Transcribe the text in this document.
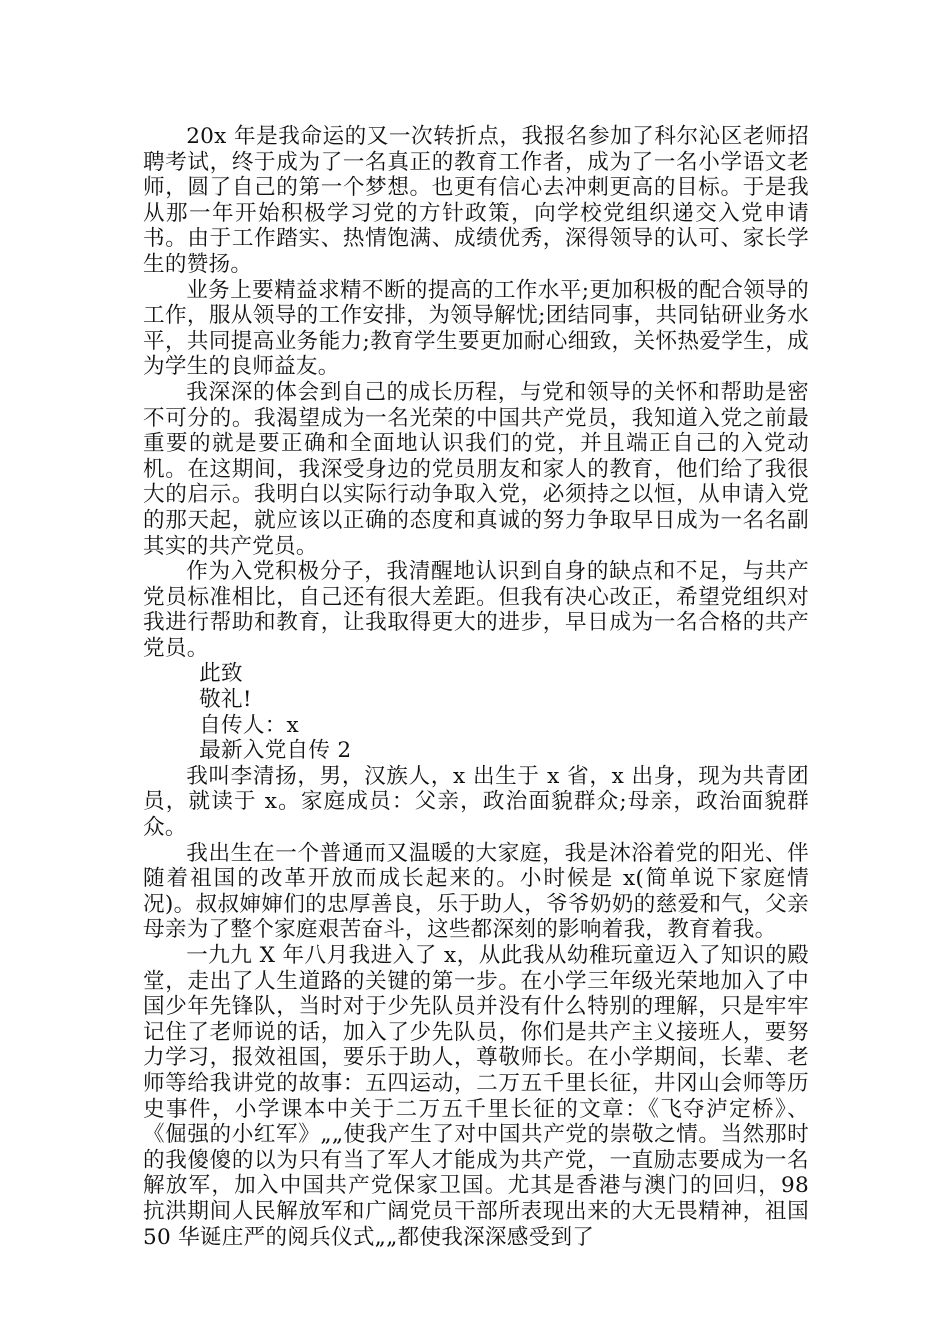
20x 年是我命运的又一次转折点，我报名参加了科尔沁区老师招聘考试，终于成为了一名真正的教育工作者，成为了一名小学语文老师，圆了自己的第一个梦想。也更有信心去冲刺更高的目标。于是我从那一年开始积极学习党的方针政策，向学校党组织递交入党申请书。由于工作踏实、热情饱满、成绩优秀，深得领导的认可、家长学生的赞扬。

业务上要精益求精不断的提高的工作水平;更加积极的配合领导的工作，服从领导的工作安排，为领导解忧;团结同事，共同钻研业务水平，共同提高业务能力;教育学生要更加耐心细致，关怀热爱学生，成为学生的良师益友。

我深深的体会到自己的成长历程，与党和领导的关怀和帮助是密不可分的。我渴望成为一名光荣的中国共产党员，我知道入党之前最重要的就是要正确和全面地认识我们的党，并且端正自己的入党动机。在这期间，我深受身边的党员朋友和家人的教育，他们给了我很大的启示。我明白以实际行动争取入党，必须持之以恒，从申请入党的那天起，就应该以正确的态度和真诚的努力争取早日成为一名名副其实的共产党员。

作为入党积极分子，我清醒地认识到自身的缺点和不足，与共产党员标准相比，自己还有很大差距。但我有决心改正，希望党组织对我进行帮助和教育，让我取得更大的进步，早日成为一名合格的共产党员。

此致

敬礼!

自传人：x

最新入党自传 2

我叫李清扬，男，汉族人，x 出生于 x 省，x 出身，现为共青团员，就读于 x。家庭成员：父亲，政治面貌群众;母亲，政治面貌群众。

我出生在一个普通而又温暖的大家庭，我是沐浴着党的阳光、伴随着祖国的改革开放而成长起来的。小时候是 x(简单说下家庭情况)。叔叔婶婶们的忠厚善良，乐于助人，爷爷奶奶的慈爱和气，父亲母亲为了整个家庭艰苦奋斗，这些都深刻的影响着我，教育着我。

一九九 X 年八月我进入了 x，从此我从幼稚玩童迈入了知识的殿堂，走出了人生道路的关键的第一步。在小学三年级光荣地加入了中国少年先锋队，当时对于少先队员并没有什么特别的理解，只是牢牢记住了老师说的话，加入了少先队员，你们是共产主义接班人，要努力学习，报效祖国，要乐于助人，尊敬师长。在小学期间，长辈、老师等给我讲党的故事：五四运动，二万五千里长征，井冈山会师等历史事件，小学课本中关于二万五千里长征的文章：《飞夺泸定桥》、《倔强的小红军》„„使我产生了对中国共产党的崇敬之情。当然那时的我傻傻的以为只有当了军人才能成为共产党，一直励志要成为一名解放军，加入中国共产党保家卫国。尤其是香港与澳门的回归，98 抗洪期间人民解放军和广阔党员干部所表现出来的大无畏精神，祖国 50 华诞庄严的阅兵仪式„„都使我深深感受到了
